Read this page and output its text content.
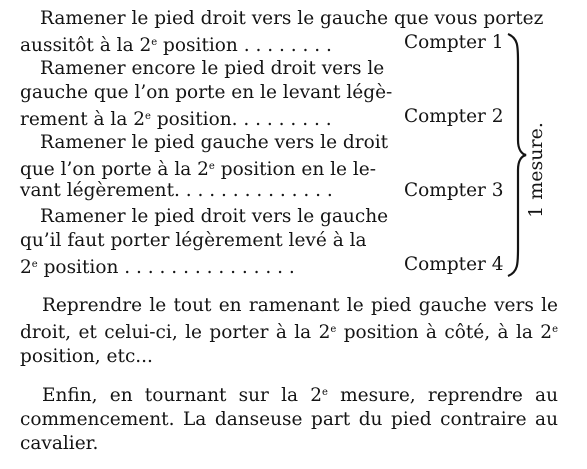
Ramener le pied droit vers le gauche que vous portez
aussitôt à la 2e position . . . . . . . .	Compter 1
Ramener encore le pied droit vers le
gauche que l’on porte en le levant légè-
rement à la 2e position. . . . . . . . .	Compter 2
Ramener le pied gauche vers le droit
que l’on porte à la 2e position en le le-
vant légèrement. . . . . . . . . . . . . .	Compter 3
Ramener le pied droit vers le gauche
qu’il faut porter légèrement levé à la
2e position . . . . . . . . . . . . . . .	Compter 4
1 mesure.
Reprendre le tout en ramenant le pied gauche vers le droit, et celui-ci, le porter à la 2e position à côté, à la 2e position, etc...
Enfin, en tournant sur la 2e mesure, reprendre au commencement. La danseuse part du pied contraire au cavalier.
